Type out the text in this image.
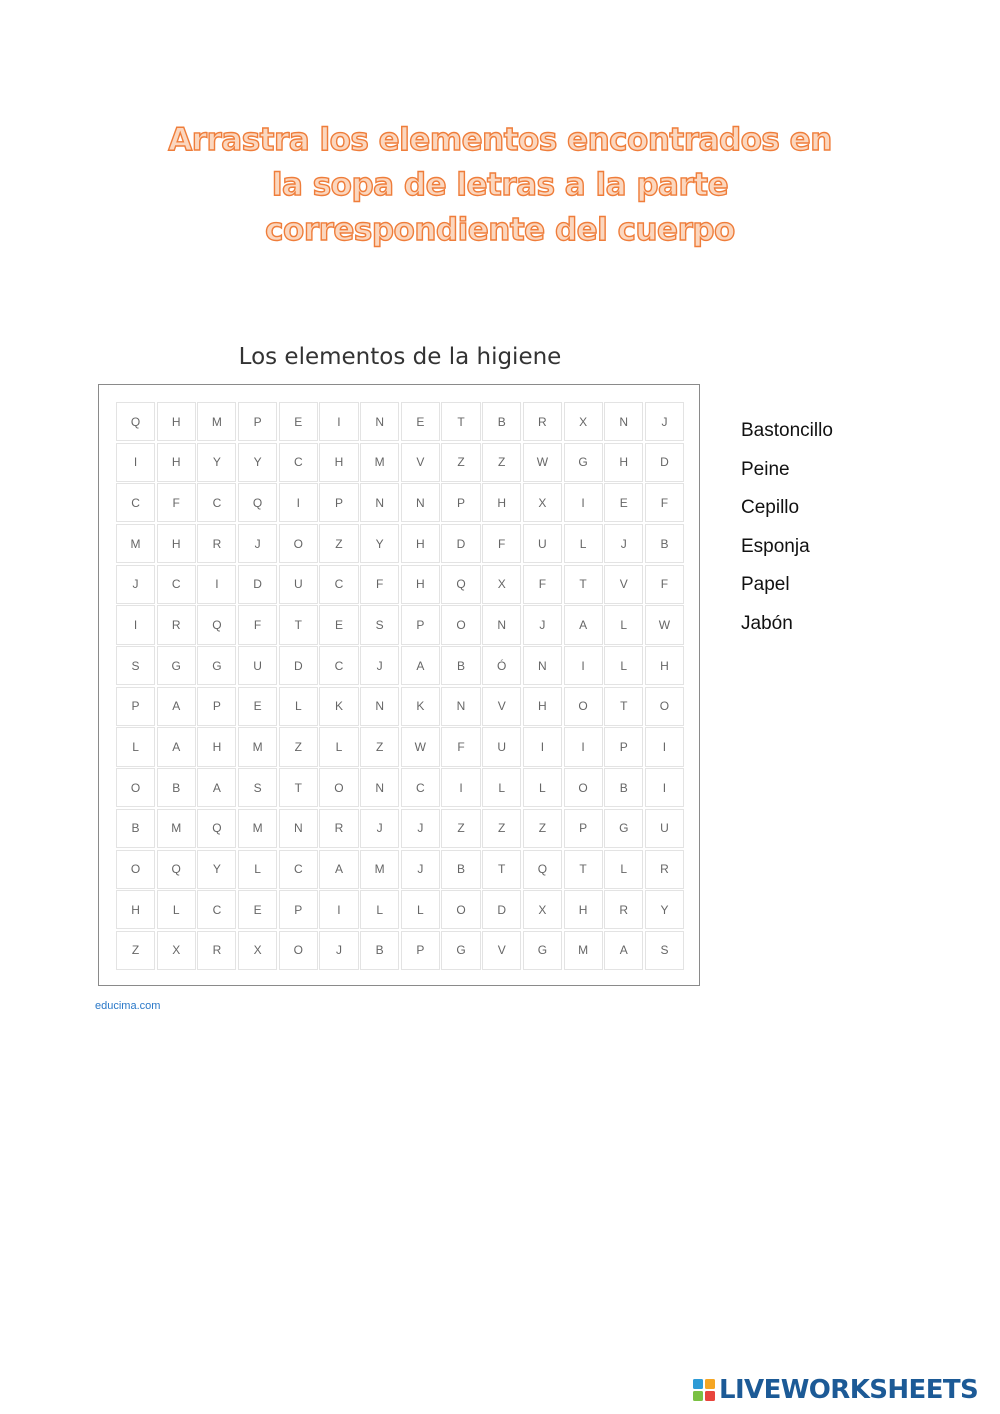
Arrastra los elementos encontrados en la sopa de letras a la parte correspondiente del cuerpo
Los elementos de la higiene
Q	H	M	P	E	I	N	E	T	B	R	X	N	J
I	H	Y	Y	C	H	M	V	Z	Z	W	G	H	D
C	F	C	Q	I	P	N	N	P	H	X	I	E	F
M	H	R	J	O	Z	Y	H	D	F	U	L	J	B
J	C	I	D	U	C	F	H	Q	X	F	T	V	F
I	R	Q	F	T	E	S	P	O	N	J	A	L	W
S	G	G	U	D	C	J	A	B	Ó	N	I	L	H
P	A	P	E	L	K	N	K	N	V	H	O	T	O
L	A	H	M	Z	L	Z	W	F	U	I	I	P	I
O	B	A	S	T	O	N	C	I	L	L	O	B	I
B	M	Q	M	N	R	J	J	Z	Z	Z	P	G	U
O	Q	Y	L	C	A	M	J	B	T	Q	T	L	R
H	L	C	E	P	I	L	L	O	D	X	H	R	Y
Z	X	R	X	O	J	B	P	G	V	G	M	A	S
Bastoncillo
Peine
Cepillo
Esponja
Papel
Jabón
educima.com
LIVEWORKSHEETS
